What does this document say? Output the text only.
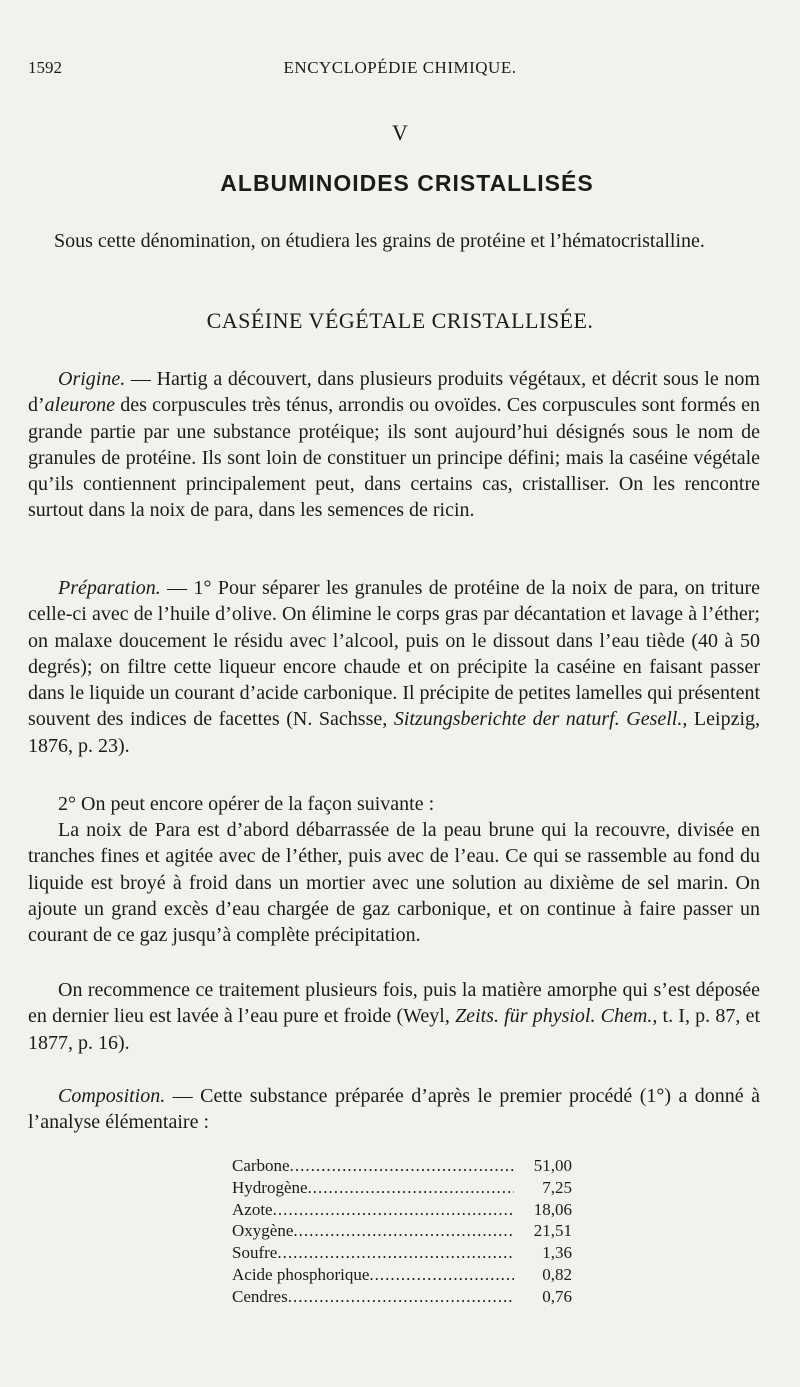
1592	ENCYCLOPÉDIE CHIMIQUE.
V
ALBUMINOIDES CRISTALLISÉS
Sous cette dénomination, on étudiera les grains de protéine et l’hématocristalline.
CASÉINE VÉGÉTALE CRISTALLISÉE.
Origine. — Hartig a découvert, dans plusieurs produits végétaux, et décrit sous le nom d’aleurone des corpuscules très ténus, arrondis ou ovoïdes. Ces corpuscules sont formés en grande partie par une substance protéique; ils sont aujourd’hui désignés sous le nom de granules de protéine. Ils sont loin de constituer un principe défini; mais la caséine végétale qu’ils contiennent principalement peut, dans certains cas, cristalliser. On les rencontre surtout dans la noix de para, dans les semences de ricin.
Préparation. — 1° Pour séparer les granules de protéine de la noix de para, on triture celle-ci avec de l’huile d’olive. On élimine le corps gras par décantation et lavage à l’éther; on malaxe doucement le résidu avec l’alcool, puis on le dissout dans l’eau tiède (40 à 50 degrés); on filtre cette liqueur encore chaude et on précipite la caséine en faisant passer dans le liquide un courant d’acide carbonique. Il précipite de petites lamelles qui présentent souvent des indices de facettes (N. Sachsse, Sitzungsberichte der naturf. Gesell., Leipzig, 1876, p. 23).
2° On peut encore opérer de la façon suivante :
La noix de Para est d’abord débarrassée de la peau brune qui la recouvre, divisée en tranches fines et agitée avec de l’éther, puis avec de l’eau. Ce qui se rassemble au fond du liquide est broyé à froid dans un mortier avec une solution au dixième de sel marin. On ajoute un grand excès d’eau chargée de gaz carbonique, et on continue à faire passer un courant de ce gaz jusqu’à complète précipitation.
On recommence ce traitement plusieurs fois, puis la matière amorphe qui s’est déposée en dernier lieu est lavée à l’eau pure et froide (Weyl, Zeits. für physiol. Chem., t. I, p. 87, et 1877, p. 16).
Composition. — Cette substance préparée d’après le premier procédé (1°) a donné à l’analyse élémentaire :
Carbone .....	51,00
Hydrogène .....	7,25
Azote .....	18,06
Oxygène .....	21,51
Soufre .....	1,36
Acide phosphorique .....	0,82
Cendres .....	0,76
